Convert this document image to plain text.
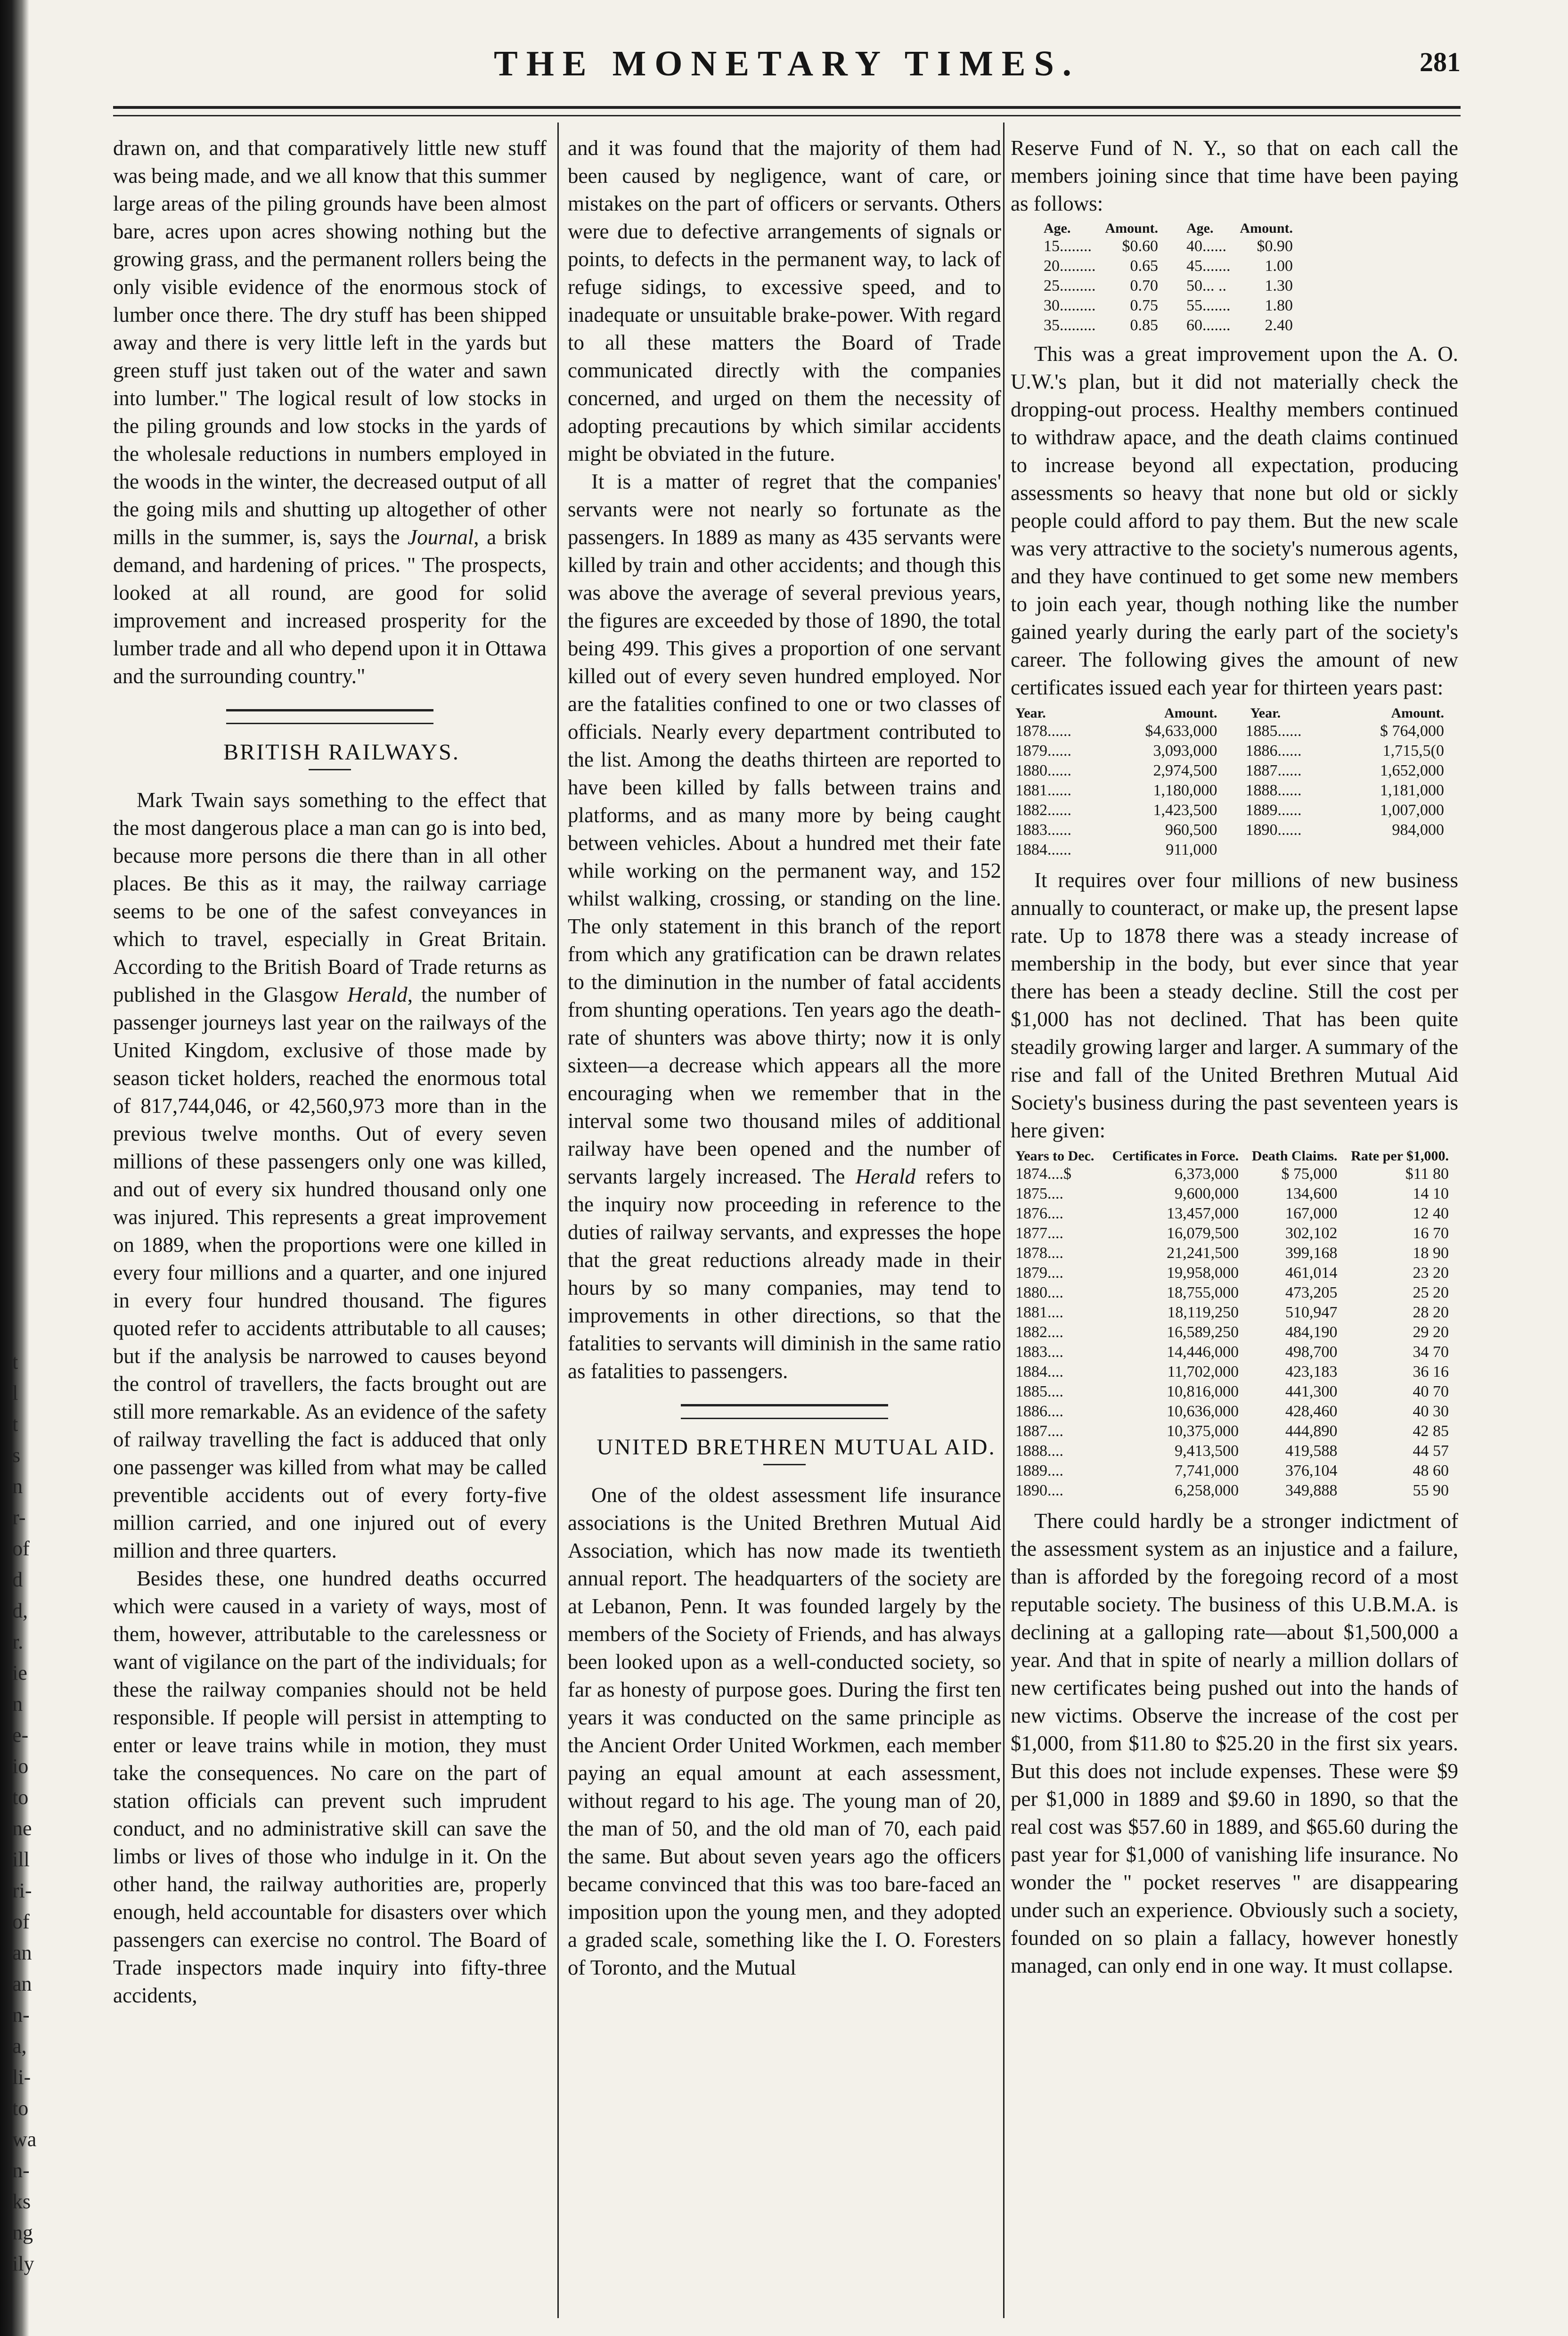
t
l
t
s
n
r-
of
d
d,
r.
ie
n
e-
io
to
ne
ill
ri-
of
an
an
n-
a,
li-
to
wa
n-
ks
ng
ily
THE MONETARY TIMES.	281

drawn on, and that comparatively little new stuff was being made, and we all know that this summer large areas of the piling grounds have been almost bare, acres upon acres showing nothing but the growing grass, and the permanent rollers being the only visible evidence of the enormous stock of lumber once there. The dry stuff has been shipped away and there is very little left in the yards but green stuff just taken out of the water and sawn into lumber." The logical result of low stocks in the piling grounds and low stocks in the yards of the wholesale reductions in numbers employed in the woods in the winter, the decreased output of all the going mils and shutting up altogether of other mills in the summer, is, says the Journal, a brisk demand, and hardening of prices. " The prospects, looked at all round, are good for solid improvement and increased prosperity for the lumber trade and all who depend upon it in Ottawa and the surrounding country."

BRITISH RAILWAYS.

Mark Twain says something to the effect that the most dangerous place a man can go is into bed, because more persons die there than in all other places. Be this as it may, the railway carriage seems to be one of the safest conveyances in which to travel, especially in Great Britain. According to the British Board of Trade returns as published in the Glasgow Herald, the number of passenger journeys last year on the railways of the United Kingdom, exclusive of those made by season ticket holders, reached the enormous total of 817,744,046, or 42,560,973 more than in the previous twelve months. Out of every seven millions of these passengers only one was killed, and out of every six hundred thousand only one was injured. This represents a great improvement on 1889, when the proportions were one killed in every four millions and a quarter, and one injured in every four hundred thousand. The figures quoted refer to accidents attributable to all causes; but if the analysis be narrowed to causes beyond the control of travellers, the facts brought out are still more remarkable. As an evidence of the safety of railway travelling the fact is adduced that only one passenger was killed from what may be called preventible accidents out of every forty-five million carried, and one injured out of every million and three quarters.

Besides these, one hundred deaths occurred which were caused in a variety of ways, most of them, however, attributable to the carelessness or want of vigilance on the part of the individuals; for these the railway companies should not be held responsible. If people will persist in attempting to enter or leave trains while in motion, they must take the consequences. No care on the part of station officials can prevent such imprudent conduct, and no administrative skill can save the limbs or lives of those who indulge in it. On the other hand, the railway authorities are, properly enough, held accountable for disasters over which passengers can exercise no control. The Board of Trade inspectors made inquiry into fifty-three accidents,

and it was found that the majority of them had been caused by negligence, want of care, or mistakes on the part of officers or servants. Others were due to defective arrangements of signals or points, to defects in the permanent way, to lack of refuge sidings, to excessive speed, and to inadequate or unsuitable brake-power. With regard to all these matters the Board of Trade communicated directly with the companies concerned, and urged on them the necessity of adopting precautions by which similar accidents might be obviated in the future.

It is a matter of regret that the companies' servants were not nearly so fortunate as the passengers. In 1889 as many as 435 servants were killed by train and other accidents; and though this was above the average of several previous years, the figures are exceeded by those of 1890, the total being 499. This gives a proportion of one servant killed out of every seven hundred employed. Nor are the fatalities confined to one or two classes of officials. Nearly every department contributed to the list. Among the deaths thirteen are reported to have been killed by falls between trains and platforms, and as many more by being caught between vehicles. About a hundred met their fate while working on the permanent way, and 152 whilst walking, crossing, or standing on the line. The only statement in this branch of the report from which any gratification can be drawn relates to the diminution in the number of fatal accidents from shunting operations. Ten years ago the death-rate of shunters was above thirty; now it is only sixteen—a decrease which appears all the more encouraging when we remember that in the interval some two thousand miles of additional railway have been opened and the number of servants largely increased. The Herald refers to the inquiry now proceeding in reference to the duties of railway servants, and expresses the hope that the great reductions already made in their hours by so many companies, may tend to improvements in other directions, so that the fatalities to servants will diminish in the same ratio as fatalities to passengers.

UNITED BRETHREN MUTUAL AID.

One of the oldest assessment life insurance associations is the United Brethren Mutual Aid Association, which has now made its twentieth annual report. The headquarters of the society are at Lebanon, Penn. It was founded largely by the members of the Society of Friends, and has always been looked upon as a well-conducted society, so far as honesty of purpose goes. During the first ten years it was conducted on the same principle as the Ancient Order United Workmen, each member paying an equal amount at each assessment, without regard to his age. The young man of 20, the man of 50, and the old man of 70, each paid the same. But about seven years ago the officers became convinced that this was too bare-faced an imposition upon the young men, and they adopted a graded scale, something like the I. O. Foresters of Toronto, and the Mutual

Reserve Fund of N. Y., so that on each call the members joining since that time have been paying as follows:

Age.	Amount.	Age.	Amount.
15........	$0.60	40......	$0.90
20.........	0.65	45.......	1.00
25.........	0.70	50... ..	1.30
30.........	0.75	55.......	1.80
35.........	0.85	60.......	2.40

This was a great improvement upon the A. O. U.W.'s plan, but it did not materially check the dropping-out process. Healthy members continued to withdraw apace, and the death claims continued to increase beyond all expectation, producing assessments so heavy that none but old or sickly people could afford to pay them. But the new scale was very attractive to the society's numerous agents, and they have continued to get some new members to join each year, though nothing like the number gained yearly during the early part of the society's career. The following gives the amount of new certificates issued each year for thirteen years past:

Year.	Amount.	Year.	Amount.
1878......	$4,633,000	1885......	$ 764,000
1879......	3,093,000	1886......	1,715,5(0
1880......	2,974,500	1887......	1,652,000
1881......	1,180,000	1888......	1,181,000
1882......	1,423,500	1889......	1,007,000
1883......	960,500	1890......	984,000
1884......	911,000		

It requires over four millions of new business annually to counteract, or make up, the present lapse rate. Up to 1878 there was a steady increase of membership in the body, but ever since that year there has been a steady decline. Still the cost per $1,000 has not declined. That has been quite steadily growing larger and larger. A summary of the rise and fall of the United Brethren Mutual Aid Society's business during the past seventeen years is here given:

Years to Dec.	Certificates in Force.	Death Claims.	Rate per $1,000.
1874....$	6,373,000	$ 75,000	$11 80
1875....	9,600,000	134,600	14 10
1876....	13,457,000	167,000	12 40
1877....	16,079,500	302,102	16 70
1878....	21,241,500	399,168	18 90
1879....	19,958,000	461,014	23 20
1880....	18,755,000	473,205	25 20
1881....	18,119,250	510,947	28 20
1882....	16,589,250	484,190	29 20
1883....	14,446,000	498,700	34 70
1884....	11,702,000	423,183	36 16
1885....	10,816,000	441,300	40 70
1886....	10,636,000	428,460	40 30
1887....	10,375,000	444,890	42 85
1888....	9,413,500	419,588	44 57
1889....	7,741,000	376,104	48 60
1890....	6,258,000	349,888	55 90

There could hardly be a stronger indictment of the assessment system as an injustice and a failure, than is afforded by the foregoing record of a most reputable society. The business of this U.B.M.A. is declining at a galloping rate—about $1,500,000 a year. And that in spite of nearly a million dollars of new certificates being pushed out into the hands of new victims. Observe the increase of the cost per $1,000, from $11.80 to $25.20 in the first six years. But this does not include expenses. These were $9 per $1,000 in 1889 and $9.60 in 1890, so that the real cost was $57.60 in 1889, and $65.60 during the past year for $1,000 of vanishing life insurance. No wonder the " pocket reserves " are disappearing under such an experience. Obviously such a society, founded on so plain a fallacy, however honestly managed, can only end in one way. It must collapse.
